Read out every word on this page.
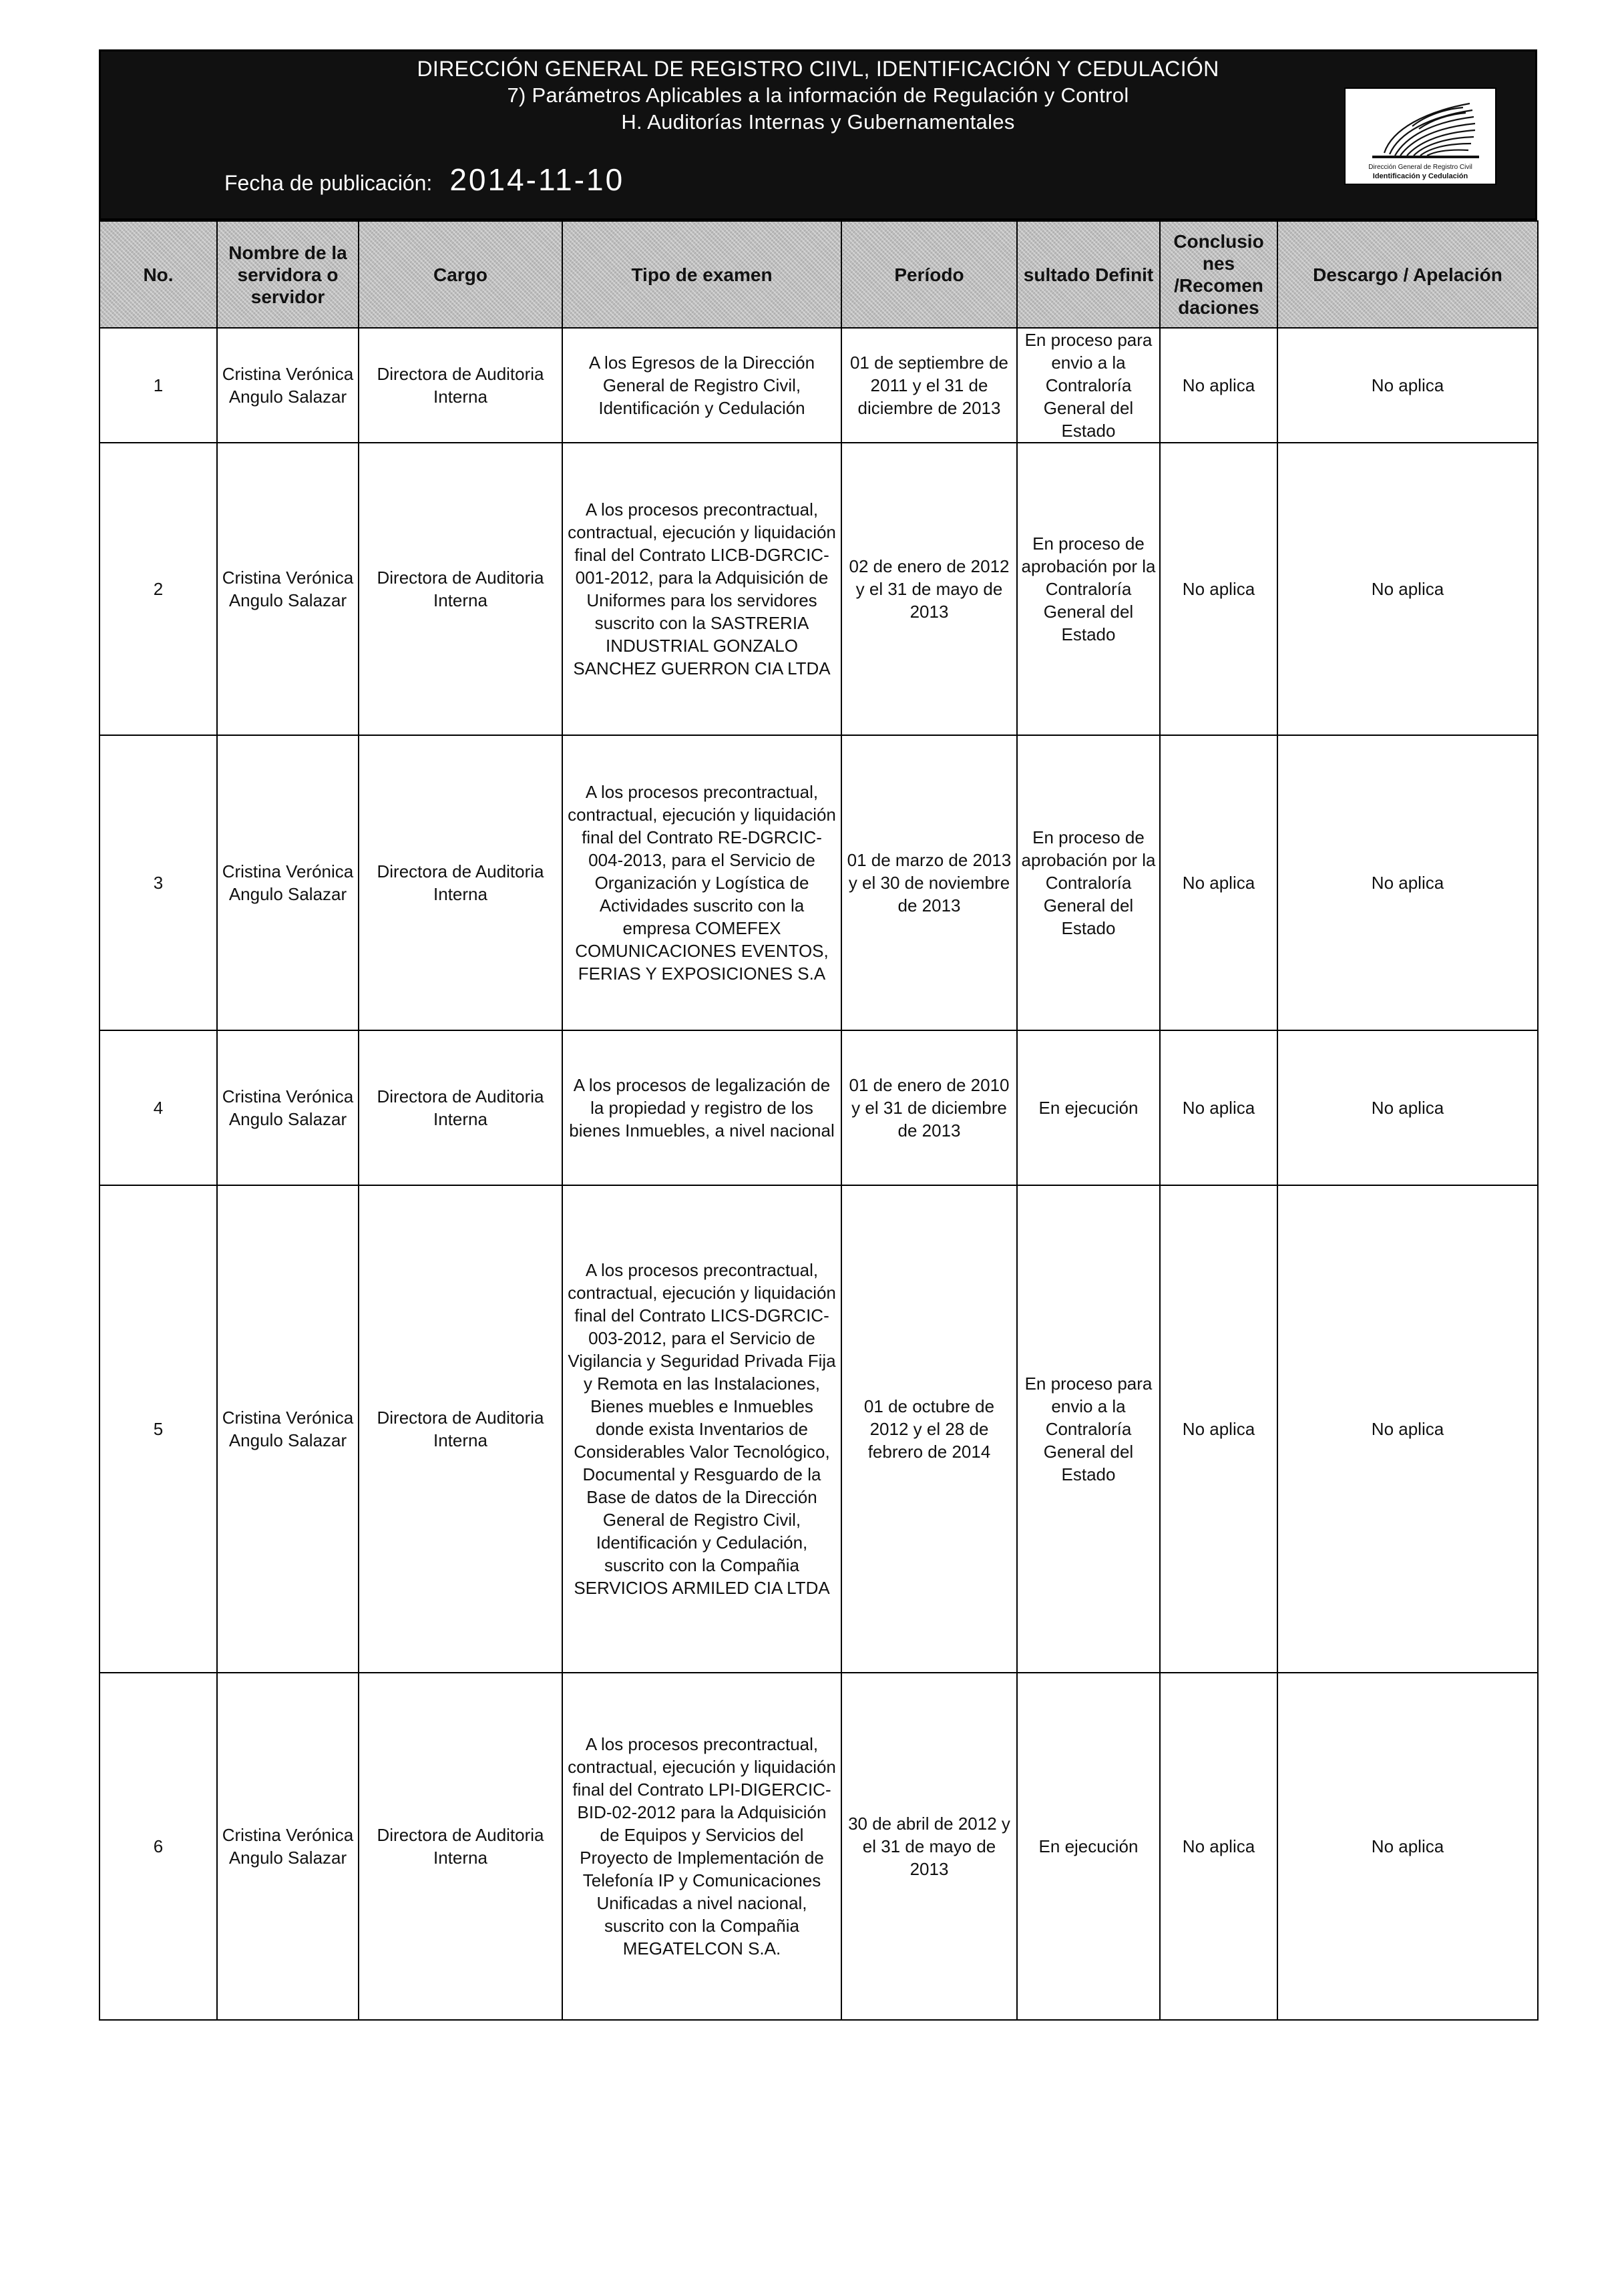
DIRECCIÓN GENERAL DE REGISTRO CIIVL, IDENTIFICACIÓN Y CEDULACIÓN
7) Parámetros Aplicables a la información de Regulación y Control
H. Auditorías Internas y Gubernamentales
Fecha de publicación: 2014-11-10	Dirección General de Registro Civil
Identificación y Cedulación
No.	Nombre de la servidora o servidor	Cargo	Tipo de examen	Período	sultado Definit	Conclusio nes /Recomen daciones	Descargo / Apelación
1	Cristina Verónica Angulo Salazar	Directora de Auditoria Interna	A los Egresos de la Dirección General de Registro Civil, Identificación y Cedulación	01 de septiembre de 2011 y el 31 de diciembre de 2013	En proceso para envio a la Contraloría General del Estado	No aplica	No aplica
2	Cristina Verónica Angulo Salazar	Directora de Auditoria Interna	A los procesos precontractual, contractual, ejecución y liquidación final del Contrato LICB-DGRCIC-001-2012, para la Adquisición de Uniformes para los servidores suscrito con la SASTRERIA INDUSTRIAL GONZALO SANCHEZ GUERRON CIA LTDA	02 de enero de 2012 y el 31 de mayo de 2013	En proceso de aprobación por la Contraloría General del Estado	No aplica	No aplica
3	Cristina Verónica Angulo Salazar	Directora de Auditoria Interna	A los procesos precontractual, contractual, ejecución y liquidación final del Contrato RE-DGRCIC-004-2013, para el Servicio de Organización y Logística de Actividades suscrito con la empresa COMEFEX COMUNICACIONES EVENTOS, FERIAS Y EXPOSICIONES S.A	01 de marzo de 2013 y el 30 de noviembre de 2013	En proceso de aprobación por la Contraloría General del Estado	No aplica	No aplica
4	Cristina Verónica Angulo Salazar	Directora de Auditoria Interna	A los procesos de legalización de la propiedad y registro de los bienes Inmuebles, a nivel nacional	01 de enero de 2010 y el 31 de diciembre de 2013	En ejecución	No aplica	No aplica
5	Cristina Verónica Angulo Salazar	Directora de Auditoria Interna	A los procesos precontractual, contractual, ejecución y liquidación final del Contrato LICS-DGRCIC-003-2012, para el Servicio de Vigilancia y Seguridad Privada Fija y Remota en las Instalaciones, Bienes muebles e Inmuebles donde exista Inventarios de Considerables Valor Tecnológico, Documental y Resguardo de la Base de datos de la Dirección General de Registro Civil, Identificación y Cedulación, suscrito con la Compañia SERVICIOS ARMILED CIA LTDA	01 de octubre de 2012 y el 28 de febrero de 2014	En proceso para envio a la Contraloría General del Estado	No aplica	No aplica
6	Cristina Verónica Angulo Salazar	Directora de Auditoria Interna	A los procesos precontractual, contractual, ejecución y liquidación final del Contrato LPI-DIGERCIC-BID-02-2012 para la Adquisición de Equipos y Servicios del Proyecto de Implementación de Telefonía IP y Comunicaciones Unificadas a nivel nacional, suscrito con la Compañia MEGATELCON S.A.	30 de abril de 2012 y el 31 de mayo de 2013	En ejecución	No aplica	No aplica
